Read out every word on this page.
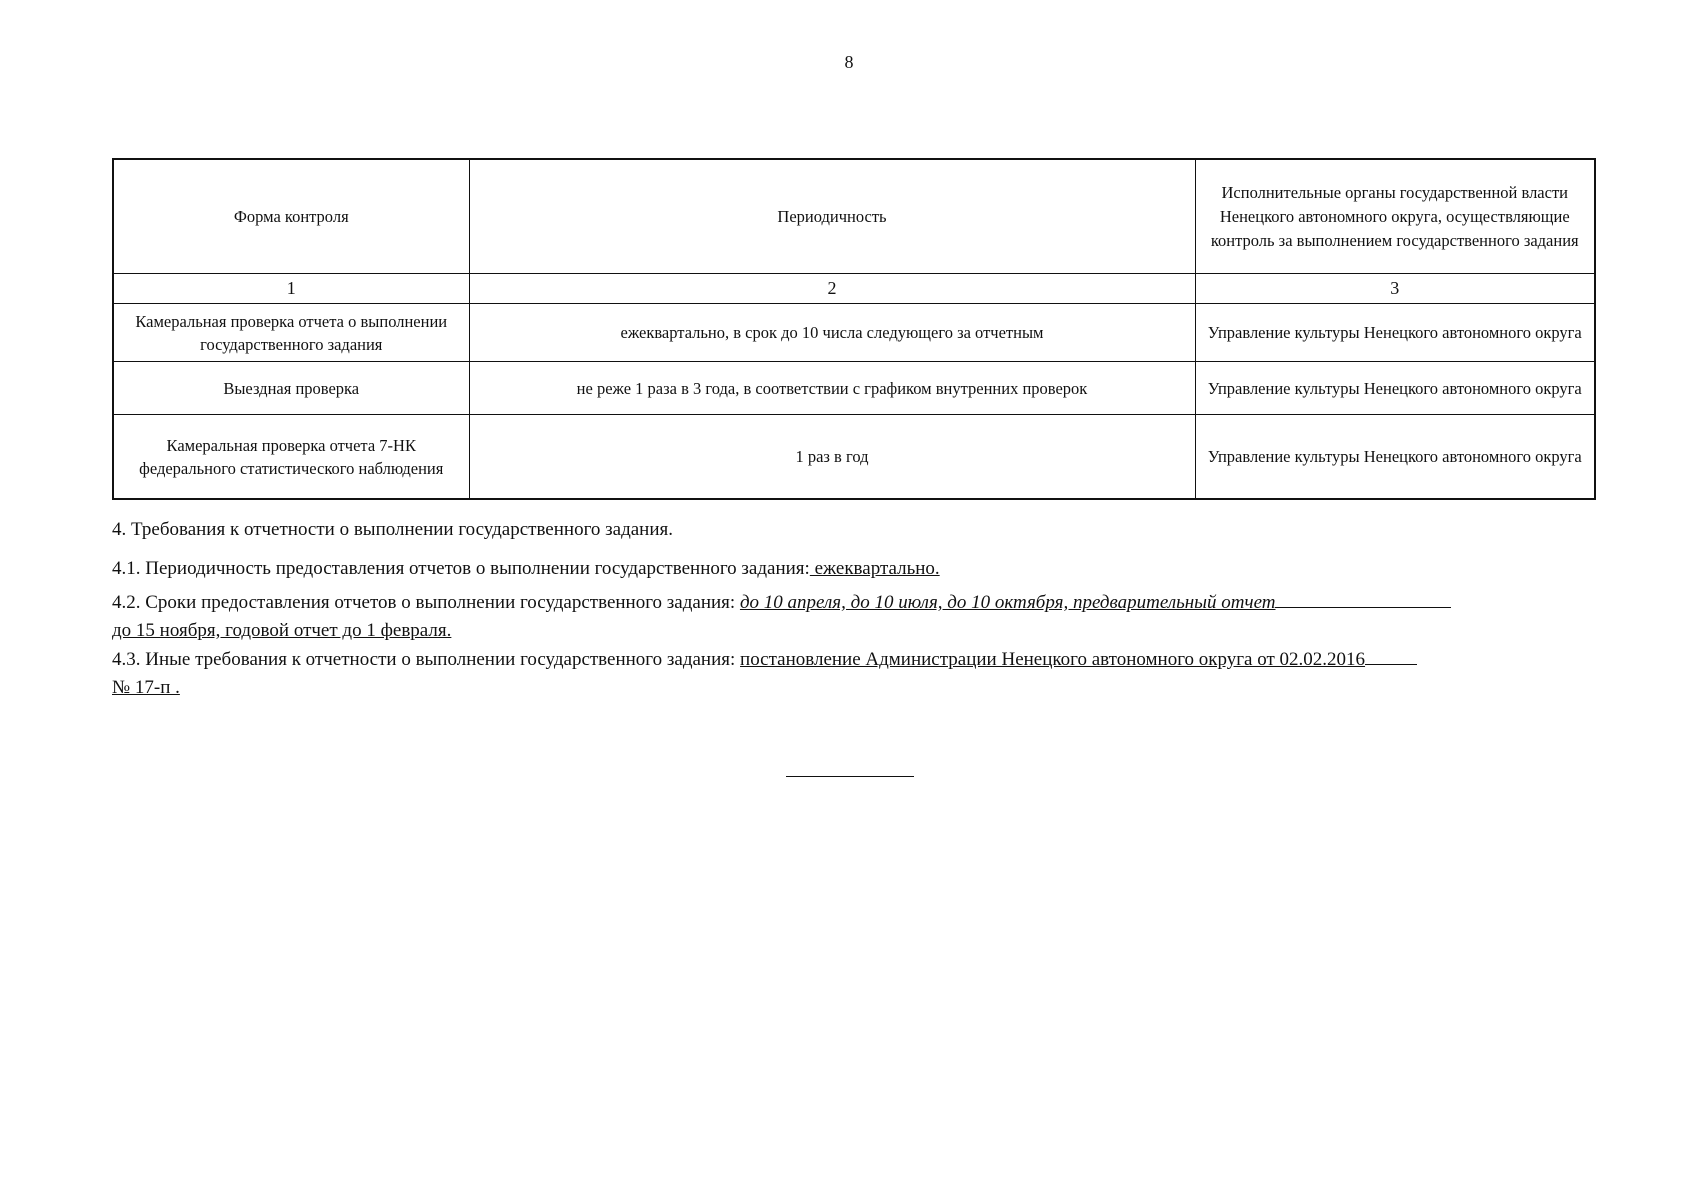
8
Форма контроля	Периодичность	Исполнительные органы государственной власти Ненецкого автономного округа, осуществляющие контроль за выполнением государственного задания
1	2	3
Камеральная проверка отчета о выполнении государственного задания	ежеквартально, в срок до 10 числа следующего за отчетным	Управление культуры Ненецкого автономного округа
Выездная проверка	не реже 1 раза в 3 года, в соответствии с графиком внутренних проверок	Управление культуры Ненецкого автономного округа
Камеральная проверка отчета 7-НК федерального статистического наблюдения	1 раз в год	Управление культуры Ненецкого автономного округа
4. Требования к отчетности о выполнении государственного задания.
4.1. Периодичность предоставления отчетов о выполнении государственного задания: ежеквартально.
4.2. Сроки предоставления отчетов о выполнении государственного задания: до 10 апреля, до 10 июля, до 10 октября, предварительный отчет
до 15 ноября, годовой отчет до 1 февраля.
4.3. Иные требования к отчетности о выполнении государственного задания: постановление Администрации Ненецкого автономного округа от 02.02.2016
№ 17-п .
